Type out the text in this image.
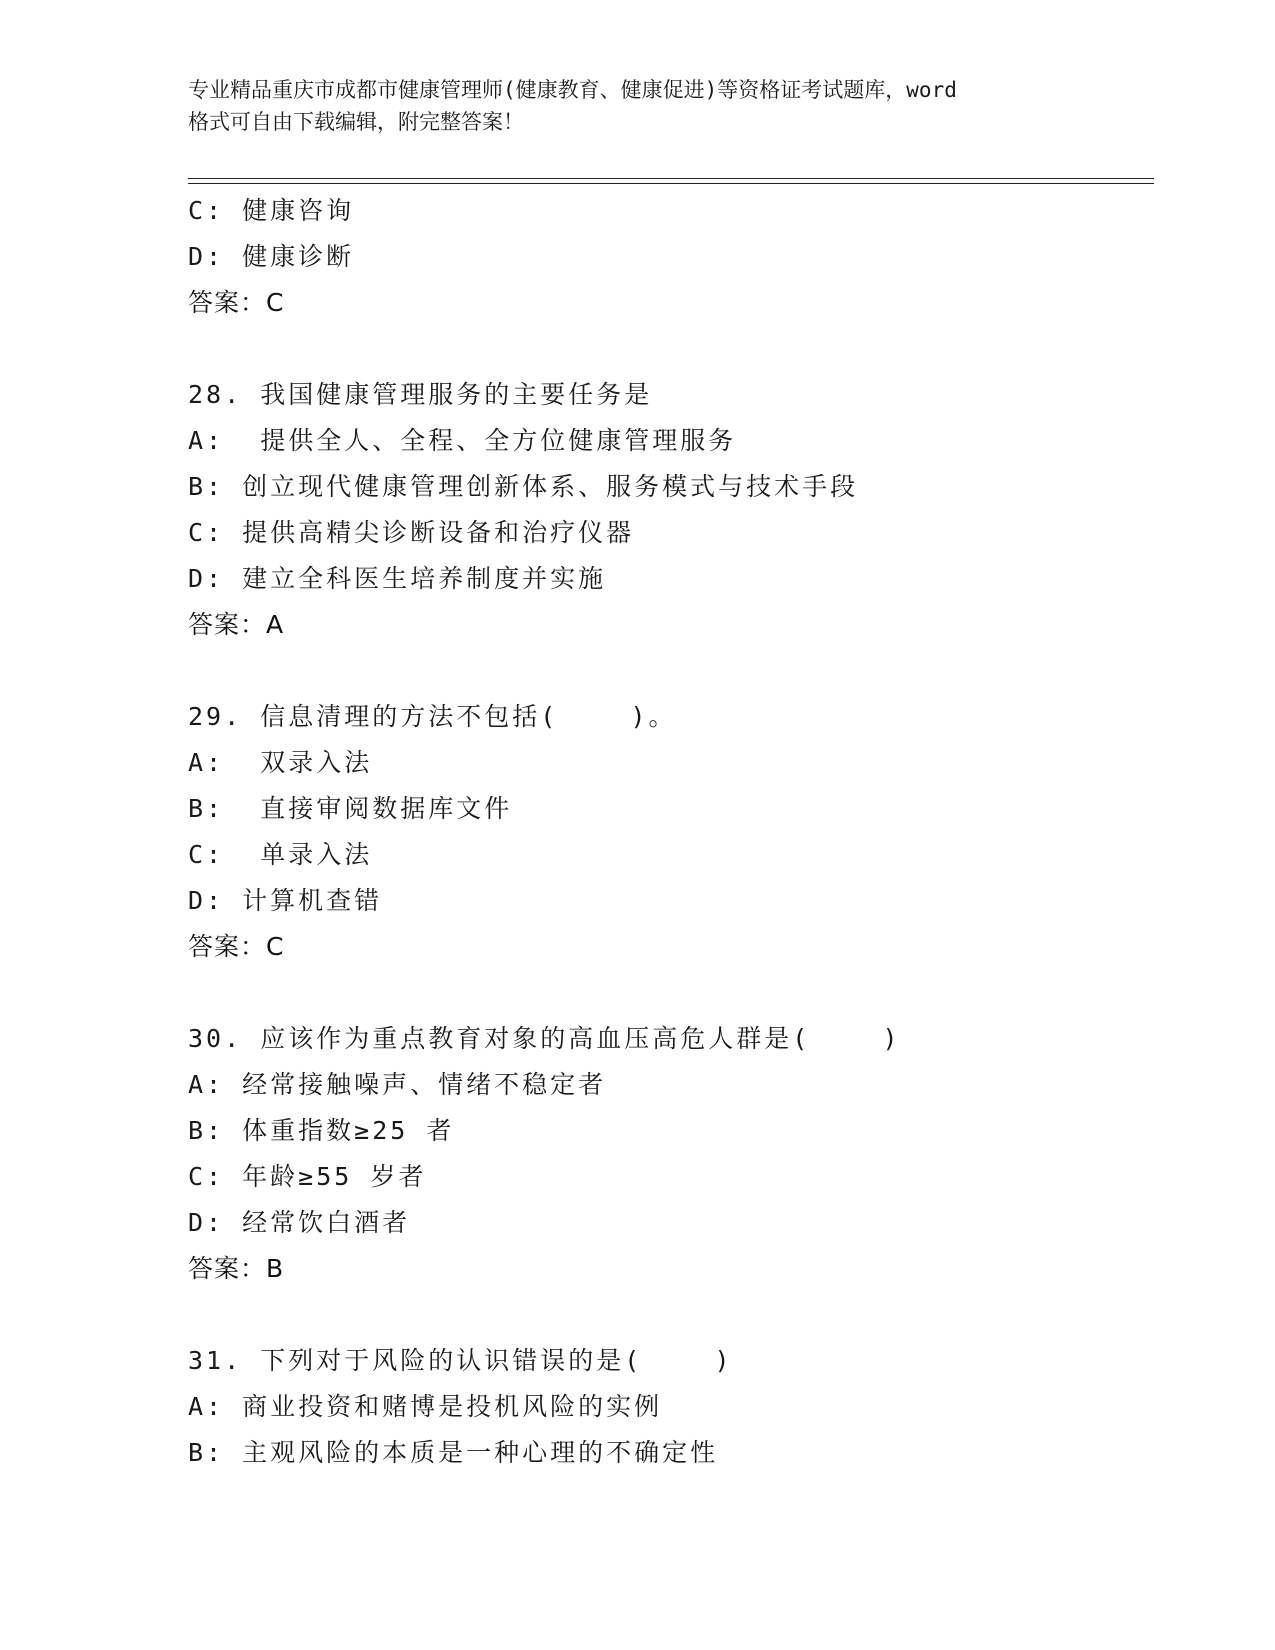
专业精品重庆市成都市健康管理师(健康教育、健康促进)等资格证考试题库，word
格式可自由下载编辑，附完整答案！
C: 健康咨询
D: 健康诊断
答案：C
28. 我国健康管理服务的主要任务是
A:  提供全人、全程、全方位健康管理服务
B: 创立现代健康管理创新体系、服务模式与技术手段
C: 提供高精尖诊断设备和治疗仪器
D: 建立全科医生培养制度并实施
答案：A
29. 信息清理的方法不包括(    )。
A:  双录入法
B:  直接审阅数据库文件
C:  单录入法
D: 计算机查错
答案：C
30. 应该作为重点教育对象的高血压高危人群是(    )
A: 经常接触噪声、情绪不稳定者
B: 体重指数≥25 者
C: 年龄≥55 岁者
D: 经常饮白酒者
答案：B
31. 下列对于风险的认识错误的是(    )
A: 商业投资和赌博是投机风险的实例
B: 主观风险的本质是一种心理的不确定性
